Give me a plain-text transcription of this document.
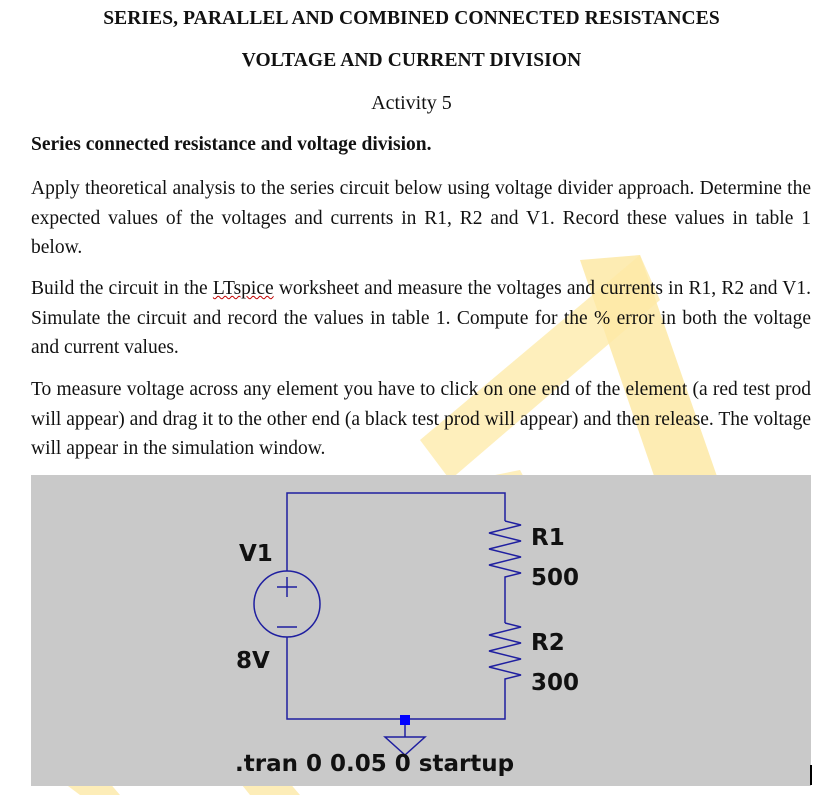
SERIES, PARALLEL AND COMBINED CONNECTED RESISTANCES
VOLTAGE AND CURRENT DIVISION
Activity 5
Series connected resistance and voltage division.
Apply theoretical analysis to the series circuit below using voltage divider approach. Determine the expected values of the voltages and currents in R1, R2 and V1. Record these values in table 1 below.
Build the circuit in the LTspice worksheet and measure the voltages and currents in R1, R2 and V1. Simulate the circuit and record the values in table 1. Compute for the % error in both the voltage and current values.
To measure voltage across any element you have to click on one end of the element (a red test prod will appear) and drag it to the other end (a black test prod will appear) and then release. The voltage will appear in the simulation window.
V1
8V
R1
500
R2
300
.tran 0 0.05 0 startup
